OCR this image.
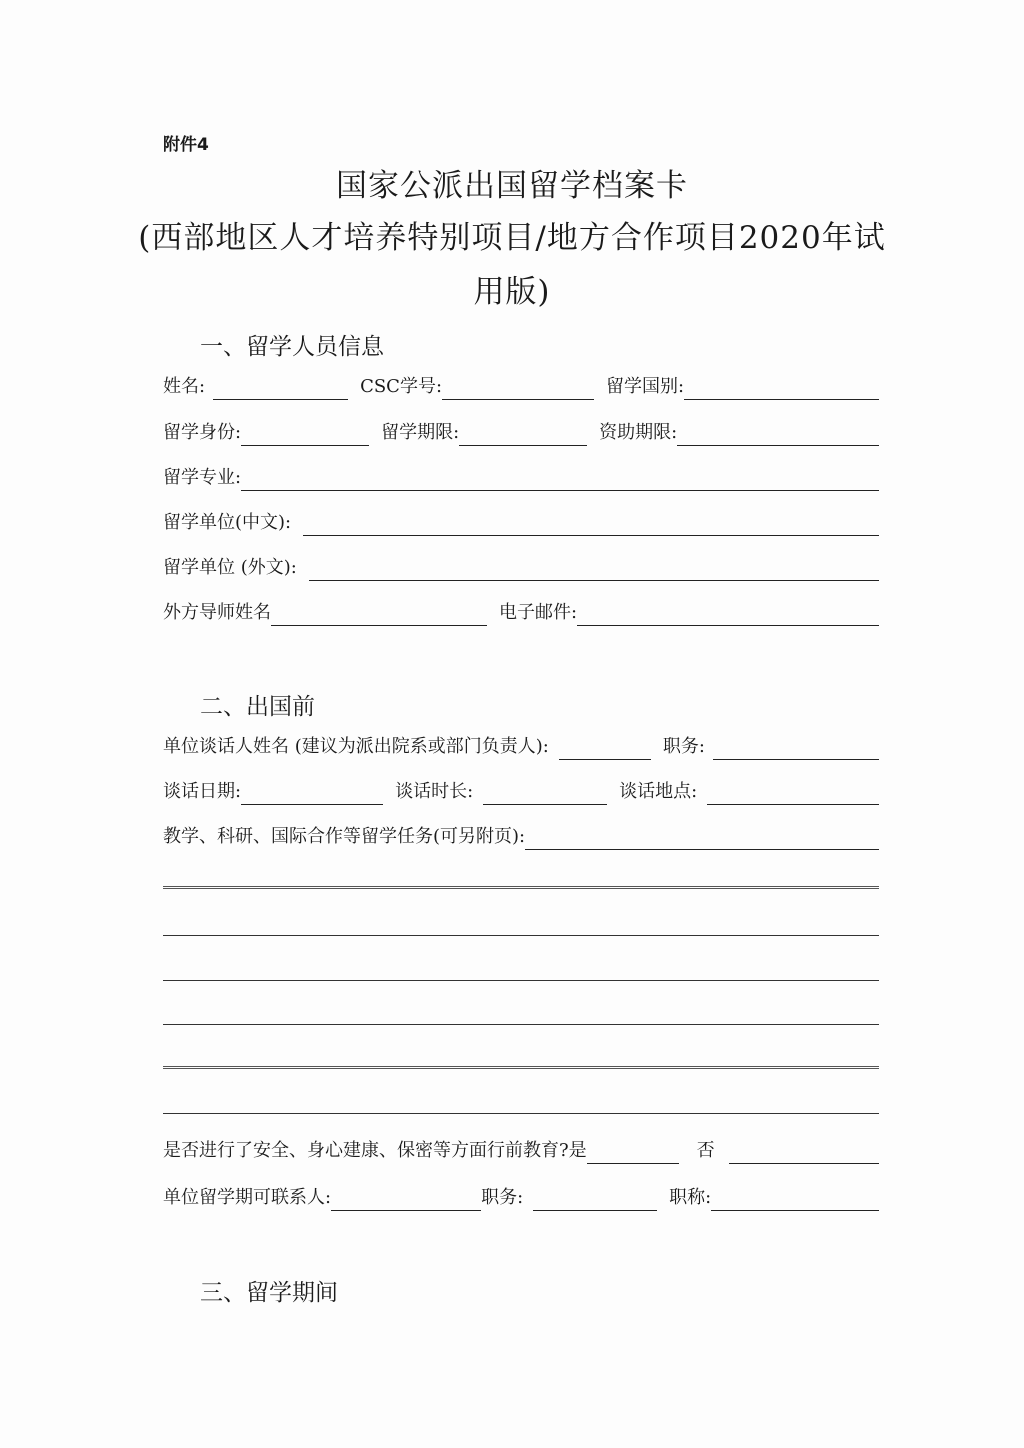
附件4
国家公派出国留学档案卡
(西部地区人才培养特别项目/地方合作项目2020年试
用版)
一、留学人员信息
姓名:	CSC学号:	留学国别:
留学身份:	留学期限:	资助期限:
留学专业:
留学单位(中文):
留学单位 (外文):
外方导师姓名	电子邮件:
二、出国前
单位谈话人姓名 (建议为派出院系或部门负责人):	职务:
谈话日期:	谈话时长:	谈话地点:
教学、科研、国际合作等留学任务(可另附页):
是否进行了安全、身心建康、保密等方面行前教育?是	否
单位留学期可联系人:	职务:	职称:
三、留学期间
